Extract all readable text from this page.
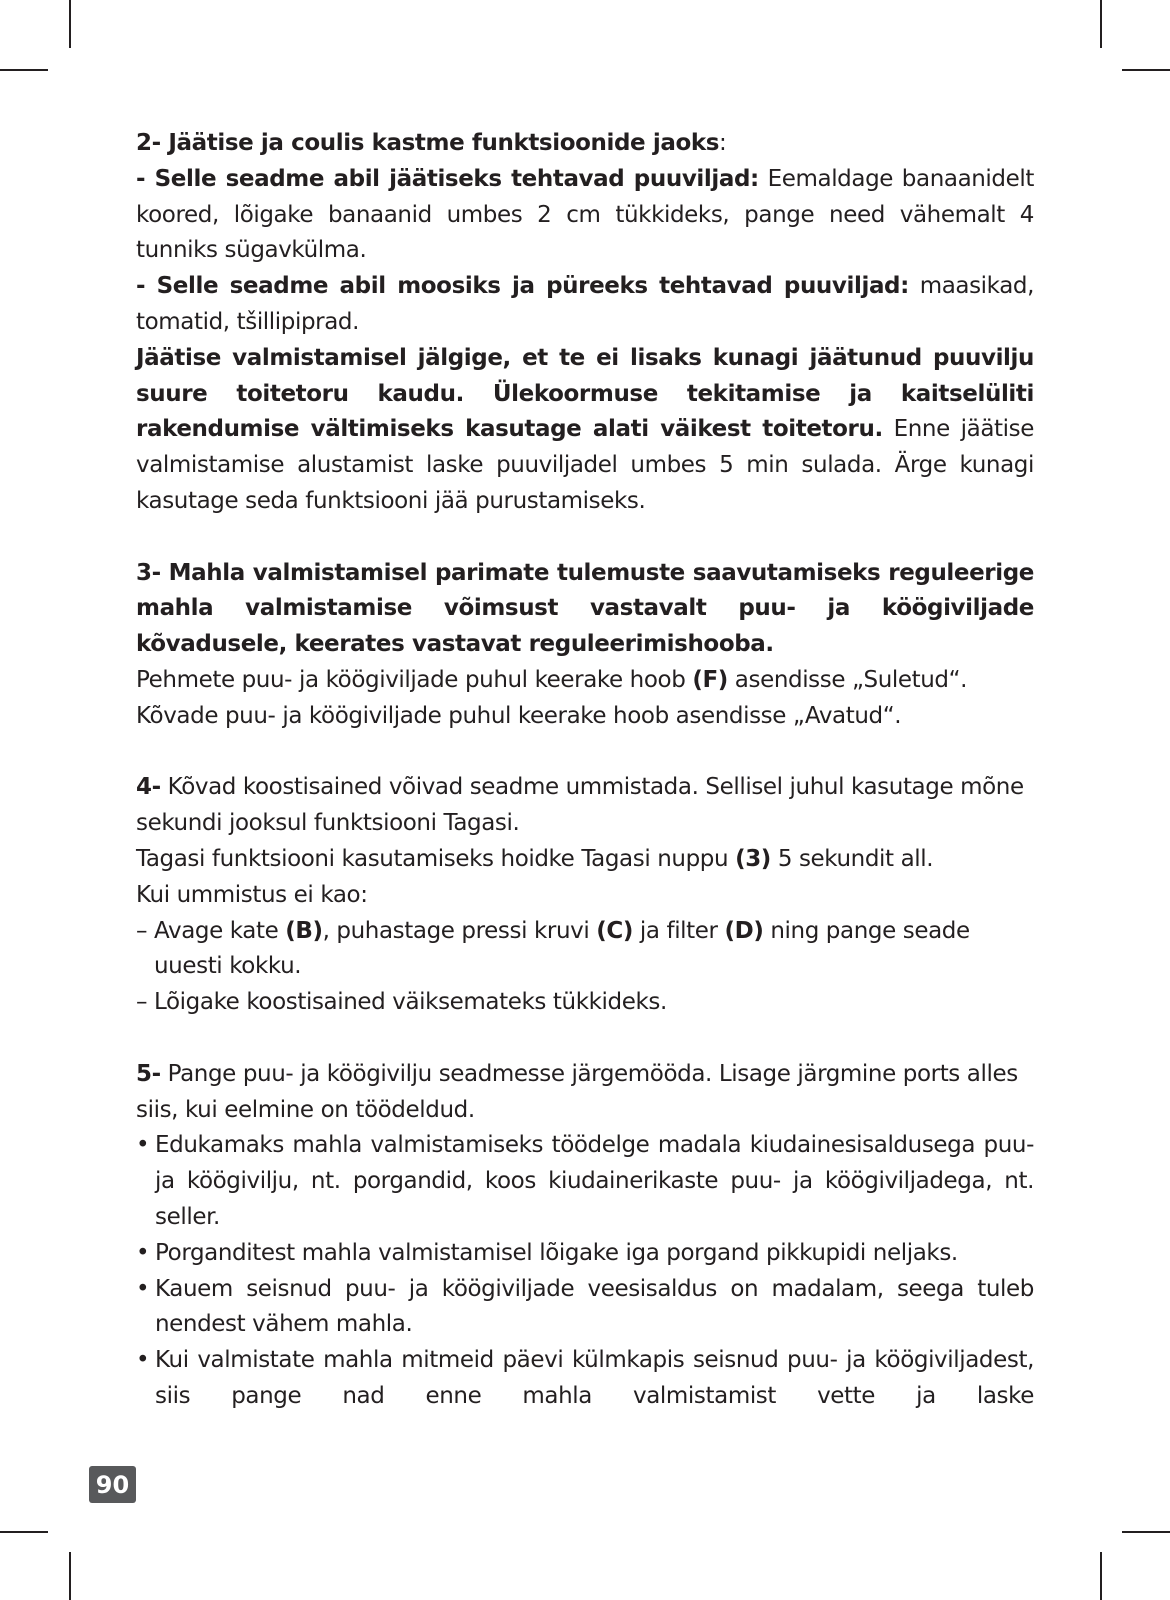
2- Jäätise ja coulis kastme funktsioonide jaoks:

- Selle seadme abil jäätiseks tehtavad puuviljad: Eemaldage banaanidelt koored, lõigake banaanid umbes 2 cm tükkideks, pange need vähemalt 4 tunniks sügavkülma.

- Selle seadme abil moosiks ja püreeks tehtavad puuviljad: maasikad, tomatid, tšillipiprad.

Jäätise valmistamisel jälgige, et te ei lisaks kunagi jäätunud puuvilju suure toitetoru kaudu. Ülekoormuse tekitamise ja kaitselüliti rakendumise vältimiseks kasutage alati väikest toitetoru. Enne jäätise valmistamise alustamist laske puuviljadel umbes 5 min sulada. Ärge kunagi kasutage seda funktsiooni jää purustamiseks.

3- Mahla valmistamisel parimate tulemuste saavutamiseks reguleerige mahla valmistamise võimsust vastavalt puu- ja köögiviljade kõvadusele, keerates vastavat reguleerimishoobа.

Pehmete puu- ja köögiviljade puhul keerake hoob (F) asendisse „Suletud“.

Kõvade puu- ja köögiviljade puhul keerake hoob asendisse „Avatud“.

4- Kõvad koostisained võivad seadme ummistada. Sellisel juhul kasutage mõne sekundi jooksul funktsiooni Tagasi.

Tagasi funktsiooni kasutamiseks hoidke Tagasi nuppu (3) 5 sekundit all.

Kui ummistus ei kao:

– Avage kate (B), puhastage pressi kruvi (C) ja filter (D) ning pange seade uuesti kokku.
– Lõigake koostisained väiksemateks tükkideks.

5- Pange puu- ja köögivilju seadmesse järgemööda. Lisage järgmine ports alles siis, kui eelmine on töödeldud.

• Edukamaks mahla valmistamiseks töödelge madala kiudainesisaldusega puu- ja köögivilju, nt. porgandid, koos kiudainerikaste puu- ja köögiviljadega, nt. seller.
• Porganditest mahla valmistamisel lõigake iga porgand pikkupidi neljaks.
• Kauem seisnud puu- ja köögiviljade veesisaldus on madalam, seega tuleb nendest vähem mahla.
• Kui valmistate mahla mitmeid päevi külmkapis seisnud puu- ja köögiviljadest, siis pange nad enne mahla valmistamist vette ja laske
90
